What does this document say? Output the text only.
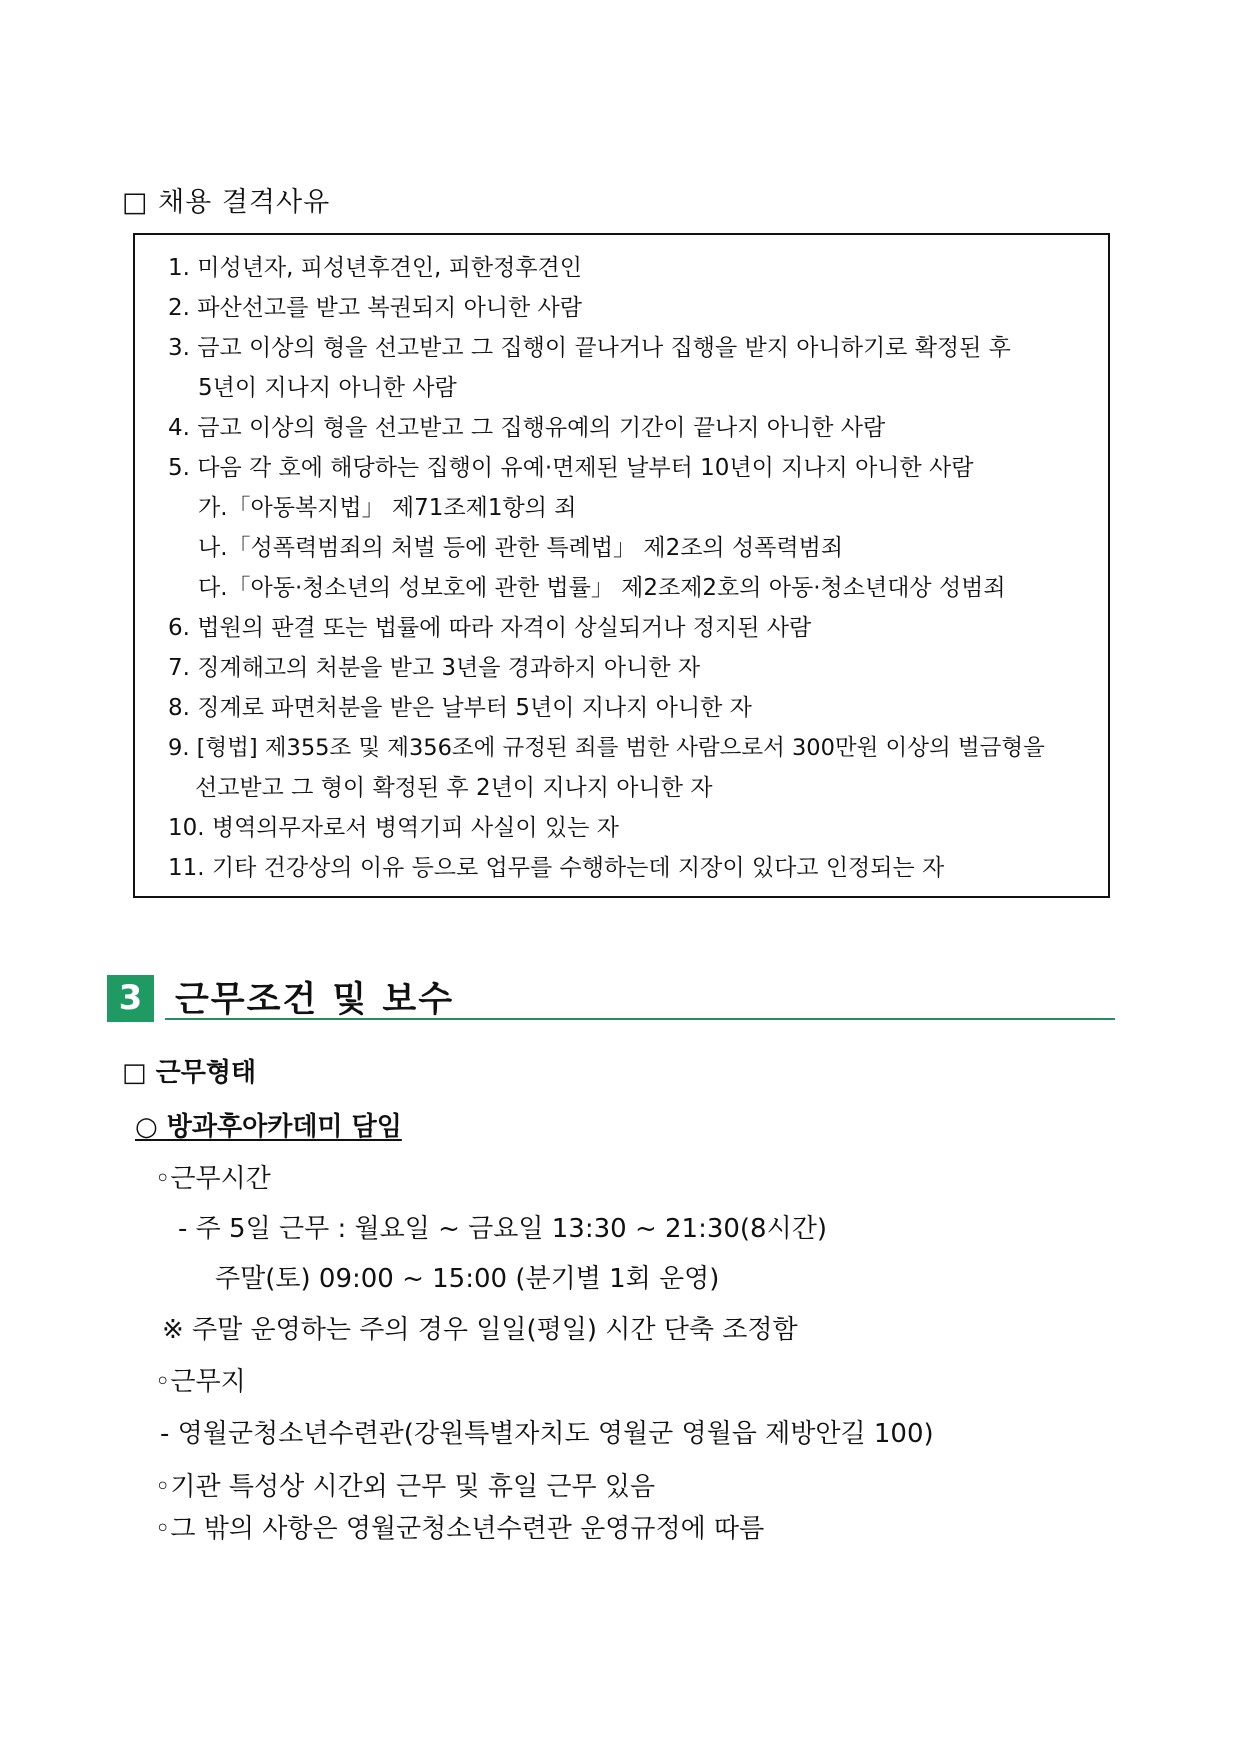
□ 채용 결격사유
1. 미성년자, 피성년후견인, 피한정후견인
2. 파산선고를 받고 복권되지 아니한 사람
3. 금고 이상의 형을 선고받고 그 집행이 끝나거나 집행을 받지 아니하기로 확정된 후
5년이 지나지 아니한 사람
4. 금고 이상의 형을 선고받고 그 집행유예의 기간이 끝나지 아니한 사람
5. 다음 각 호에 해당하는 집행이 유예·면제된 날부터 10년이 지나지 아니한 사람
가.「아동복지법」 제71조제1항의 죄
나.「성폭력범죄의 처벌 등에 관한 특례법」 제2조의 성폭력범죄
다.「아동·청소년의 성보호에 관한 법률」 제2조제2호의 아동·청소년대상 성범죄
6. 법원의 판결 또는 법률에 따라 자격이 상실되거나 정지된 사람
7. 징계해고의 처분을 받고 3년을 경과하지 아니한 자
8. 징계로 파면처분을 받은 날부터 5년이 지나지 아니한 자
9. [형법] 제355조 및 제356조에 규정된 죄를 범한 사람으로서 300만원 이상의 벌금형을
선고받고 그 형이 확정된 후 2년이 지나지 아니한 자
10. 병역의무자로서 병역기피 사실이 있는 자
11. 기타 건강상의 이유 등으로 업무를 수행하는데 지장이 있다고 인정되는 자
3 근무조건 및 보수
□ 근무형태
○ 방과후아카데미 담임
◦근무시간
- 주 5일 근무 : 월요일 ~ 금요일 13:30 ~ 21:30(8시간)
주말(토) 09:00 ~ 15:00 (분기별 1회 운영)
※ 주말 운영하는 주의 경우 일일(평일) 시간 단축 조정함
◦근무지
- 영월군청소년수련관(강원특별자치도 영월군 영월읍 제방안길 100)
◦기관 특성상 시간외 근무 및 휴일 근무 있음
◦그 밖의 사항은 영월군청소년수련관 운영규정에 따름
